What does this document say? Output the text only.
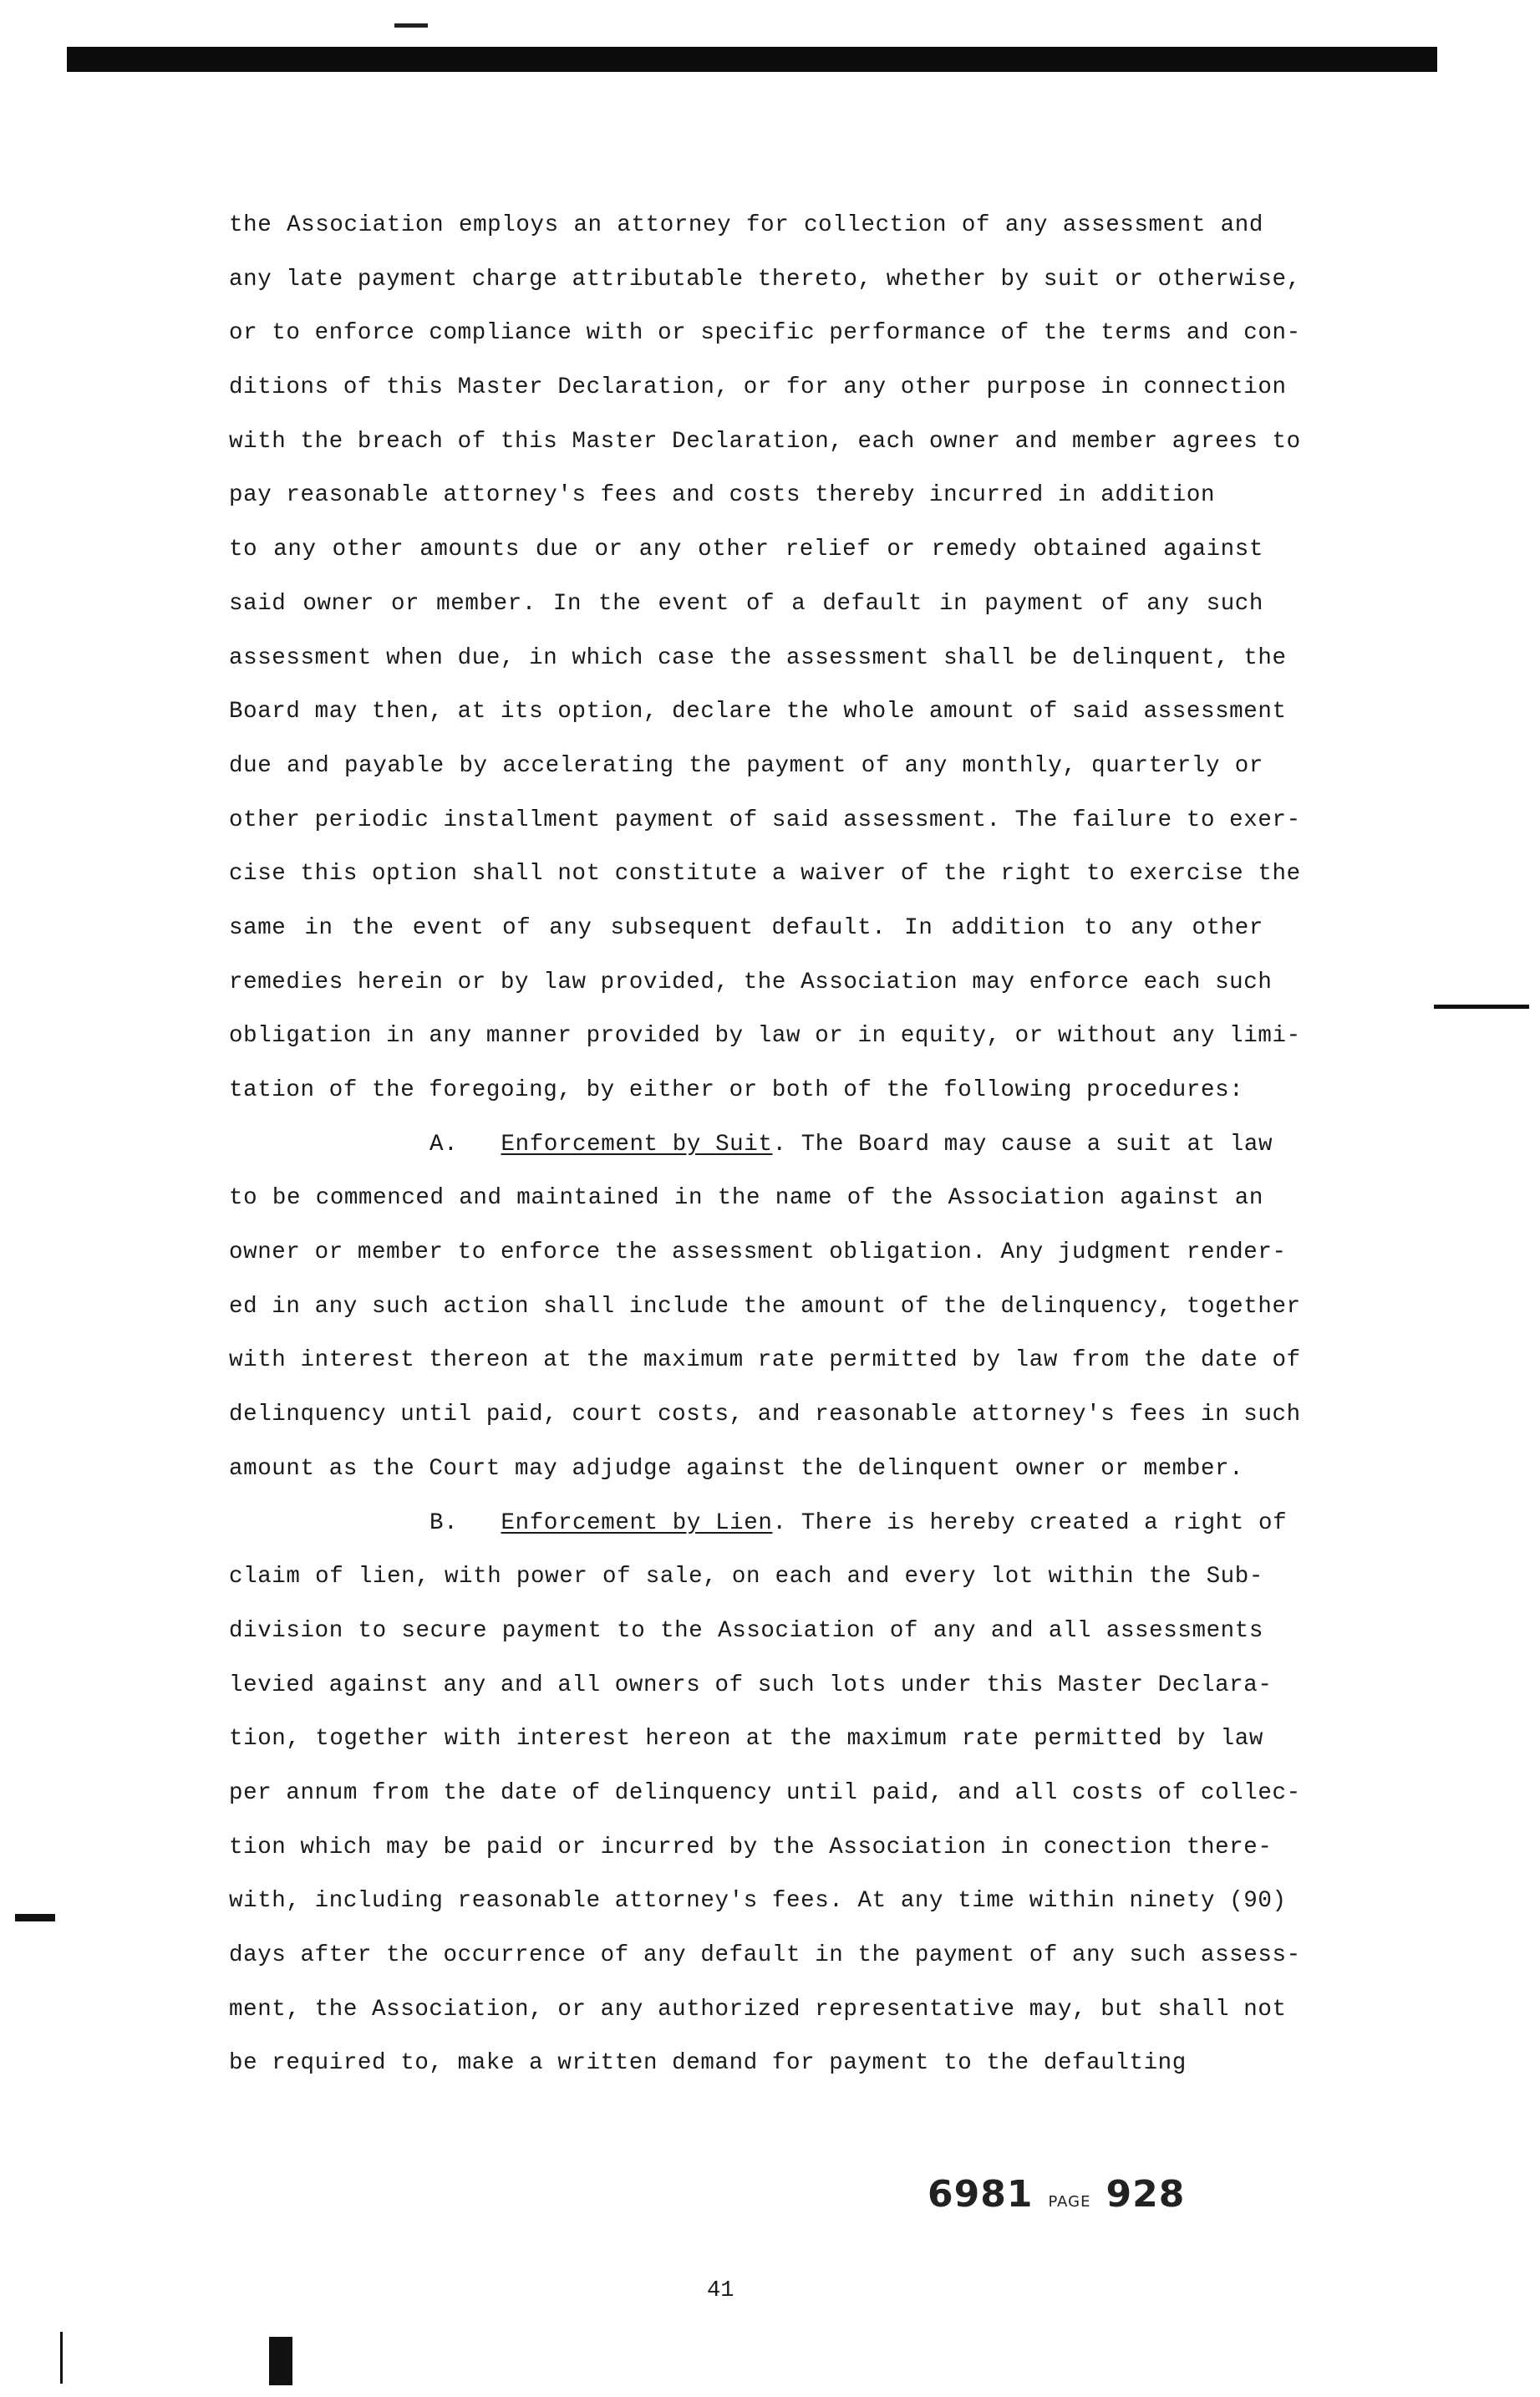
the Association employs an attorney for collection of any assessment and
any late payment charge attributable thereto, whether by suit or otherwise,
or to enforce compliance with or specific performance of the terms and con-
ditions of this Master Declaration, or for any other purpose in connection
with the breach of this Master Declaration, each owner and member agrees to
pay reasonable attorney's fees and costs thereby incurred in addition
to any other amounts due or any other relief or remedy obtained against
said owner or member. In the event of a default in payment of any such
assessment when due, in which case the assessment shall be delinquent, the
Board may then, at its option, declare the whole amount of said assessment
due and payable by accelerating the payment of any monthly, quarterly or
other periodic installment payment of said assessment. The failure to exer-
cise this option shall not constitute a waiver of the right to exercise the
same in the event of any subsequent default. In addition to any other
remedies herein or by law provided, the Association may enforce each such
obligation in any manner provided by law or in equity, or without any limi-
tation of the foregoing, by either or both of the following procedures:
A. Enforcement by Suit. The Board may cause a suit at law
to be commenced and maintained in the name of the Association against an
owner or member to enforce the assessment obligation. Any judgment render-
ed in any such action shall include the amount of the delinquency, together
with interest thereon at the maximum rate permitted by law from the date of
delinquency until paid, court costs, and reasonable attorney's fees in such
amount as the Court may adjudge against the delinquent owner or member.
B. Enforcement by Lien. There is hereby created a right of
claim of lien, with power of sale, on each and every lot within the Sub-
division to secure payment to the Association of any and all assessments
levied against any and all owners of such lots under this Master Declara-
tion, together with interest hereon at the maximum rate permitted by law
per annum from the date of delinquency until paid, and all costs of collec-
tion which may be paid or incurred by the Association in conection there-
with, including reasonable attorney's fees. At any time within ninety (90)
days after the occurrence of any default in the payment of any such assess-
ment, the Association, or any authorized representative may, but shall not
be required to, make a written demand for payment to the defaulting
6981 PAGE 928
41
